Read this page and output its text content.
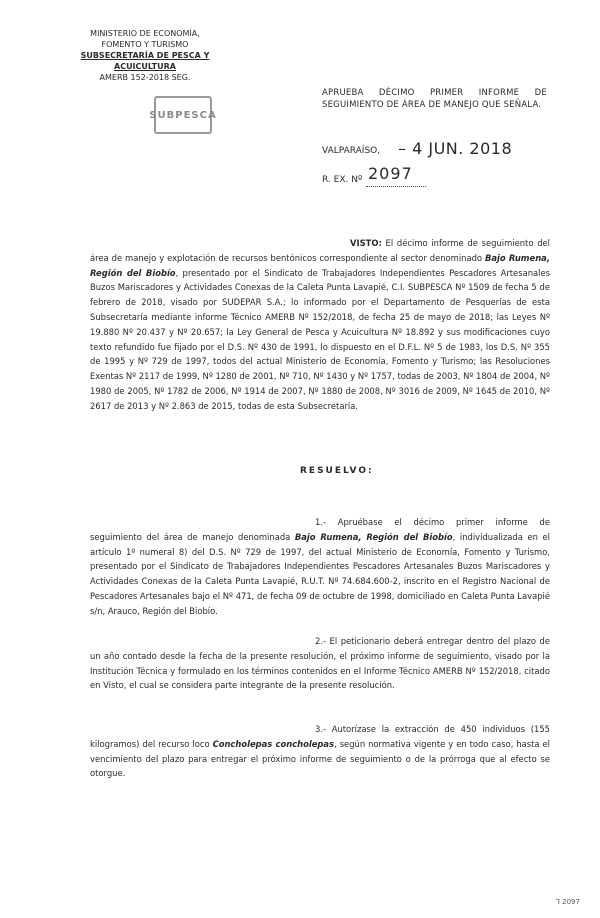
MINISTERIO DE ECONOMÍA,
FOMENTO Y TURISMO
SUBSECRETARÍA DE PESCA Y ACUICULTURA
AMERB 152-2018 SEG.
SUBPESCA
APRUEBA DÉCIMO PRIMER INFORME DE SEGUIMIENTO DE ÁREA DE MANEJO QUE SEÑALA.
VALPARAÍSO, – 4 JUN. 2018
R. EX. Nº 2097
VISTO: El décimo informe de seguimiento del área de manejo y explotación de recursos bentónicos correspondiente al sector denominado Bajo Rumena, Región del Biobío, presentado por el Sindicato de Trabajadores Independientes Pescadores Artesanales Buzos Mariscadores y Actividades Conexas de la Caleta Punta Lavapié, C.I. SUBPESCA Nº 1509 de fecha 5 de febrero de 2018, visado por SUDEPAR S.A.; lo informado por el Departamento de Pesquerías de esta Subsecretaría mediante informe Técnico AMERB Nº 152/2018, de fecha 25 de mayo de 2018; las Leyes Nº 19.880 Nº 20.437 y Nº 20.657; la Ley General de Pesca y Acuicultura Nº 18.892 y sus modificaciones cuyo texto refundido fue fijado por el D.S. Nº 430 de 1991, lo dispuesto en el D.F.L. Nº 5 de 1983, los D.S. Nº 355 de 1995 y Nº 729 de 1997, todos del actual Ministerio de Economía, Fomento y Turismo; las Resoluciones Exentas Nº 2117 de 1999, Nº 1280 de 2001, Nº 710, Nº 1430 y Nº 1757, todas de 2003, Nº 1804 de 2004, Nº 1980 de 2005, Nº 1782 de 2006, Nº 1914 de 2007, Nº 1880 de 2008, Nº 3016 de 2009, Nº 1645 de 2010, Nº 2617 de 2013 y Nº 2.863 de 2015, todas de esta Subsecretaría.
RESUELVO:
1.- Apruébase el décimo primer informe de seguimiento del área de manejo denominada Bajo Rumena, Región del Biobío, individualizada en el artículo 1º numeral 8) del D.S. Nº 729 de 1997, del actual Ministerio de Economía, Fomento y Turismo, presentado por el Sindicato de Trabajadores Independientes Pescadores Artesanales Buzos Mariscadores y Actividades Conexas de la Caleta Punta Lavapié, R.U.T. Nº 74.684.600-2, inscrito en el Registro Nacional de Pescadores Artesanales bajo el Nº 471, de fecha 09 de octubre de 1998, domiciliado en Caleta Punta Lavapié s/n, Arauco, Región del Biobío.
2.- El peticionario deberá entregar dentro del plazo de un año contado desde la fecha de la presente resolución, el próximo informe de seguimiento, visado por la Institución Técnica y formulado en los términos contenidos en el Informe Técnico AMERB Nº 152/2018, citado en Visto, el cual se considera parte integrante de la presente resolución.
3.- Autorízase la extracción de 450 individuos (155 kilogramos) del recurso loco Concholepas concholepas, según normativa vigente y en todo caso, hasta el vencimiento del plazo para entregar el próximo informe de seguimiento o de la prórroga que al efecto se otorgue.
Ꞁ 2097
